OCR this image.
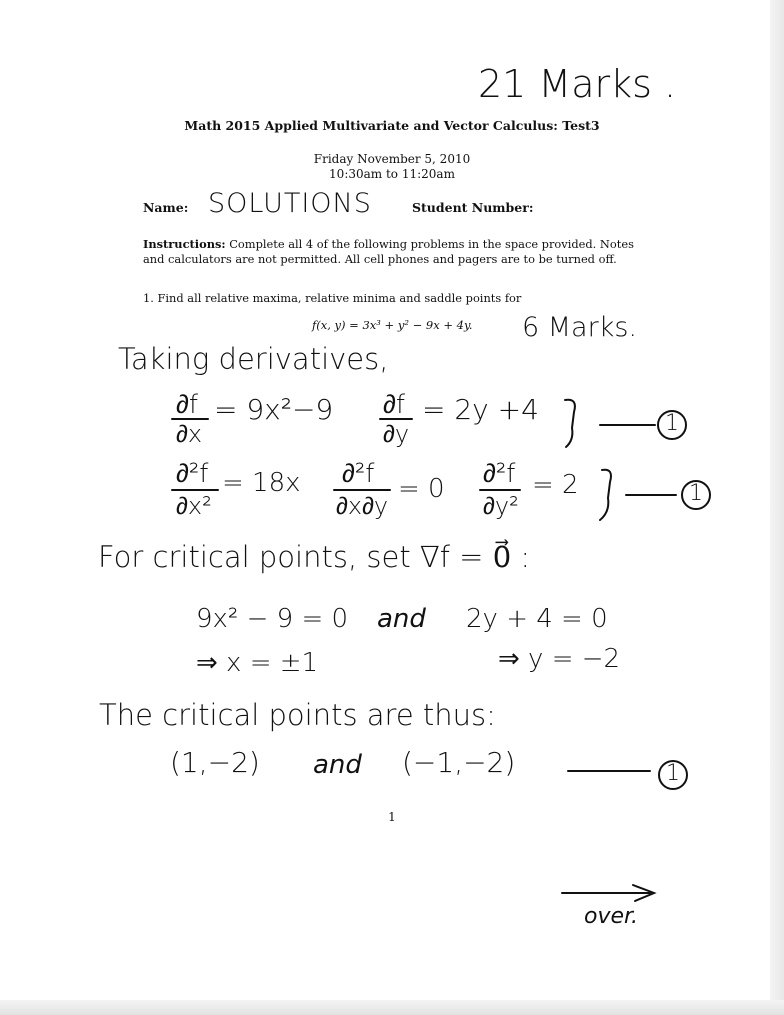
21 Marks .
Math 2015 Applied Multivariate and Vector Calculus: Test3
Friday November 5, 2010
10:30am to 11:20am
Name: SOLUTIONS	Student Number:
Instructions: Complete all 4 of the following problems in the space provided. Notes and calculators are not permitted. All cell phones and pagers are to be turned off.
1. Find all relative maxima, relative minima and saddle points for
f(x, y) = 3x³ + y² − 9x + 4y. 6 Marks.
Taking derivatives,
∂f
∂x
= 9x²−9 ∂f
∂y
= 2y +4
∂²f
∂x²
= 18x ∂²f
∂x∂y
= 0 ∂²f
∂y²
= 2
1
1
1
For critical points, set ∇f = 0⃗ :
9x² − 9 = 0 and 2y + 4 = 0
⇒ x = ±1	⇒ y = −2
The critical points are thus:
(1,−2) and (−1,−2)
1
over.
